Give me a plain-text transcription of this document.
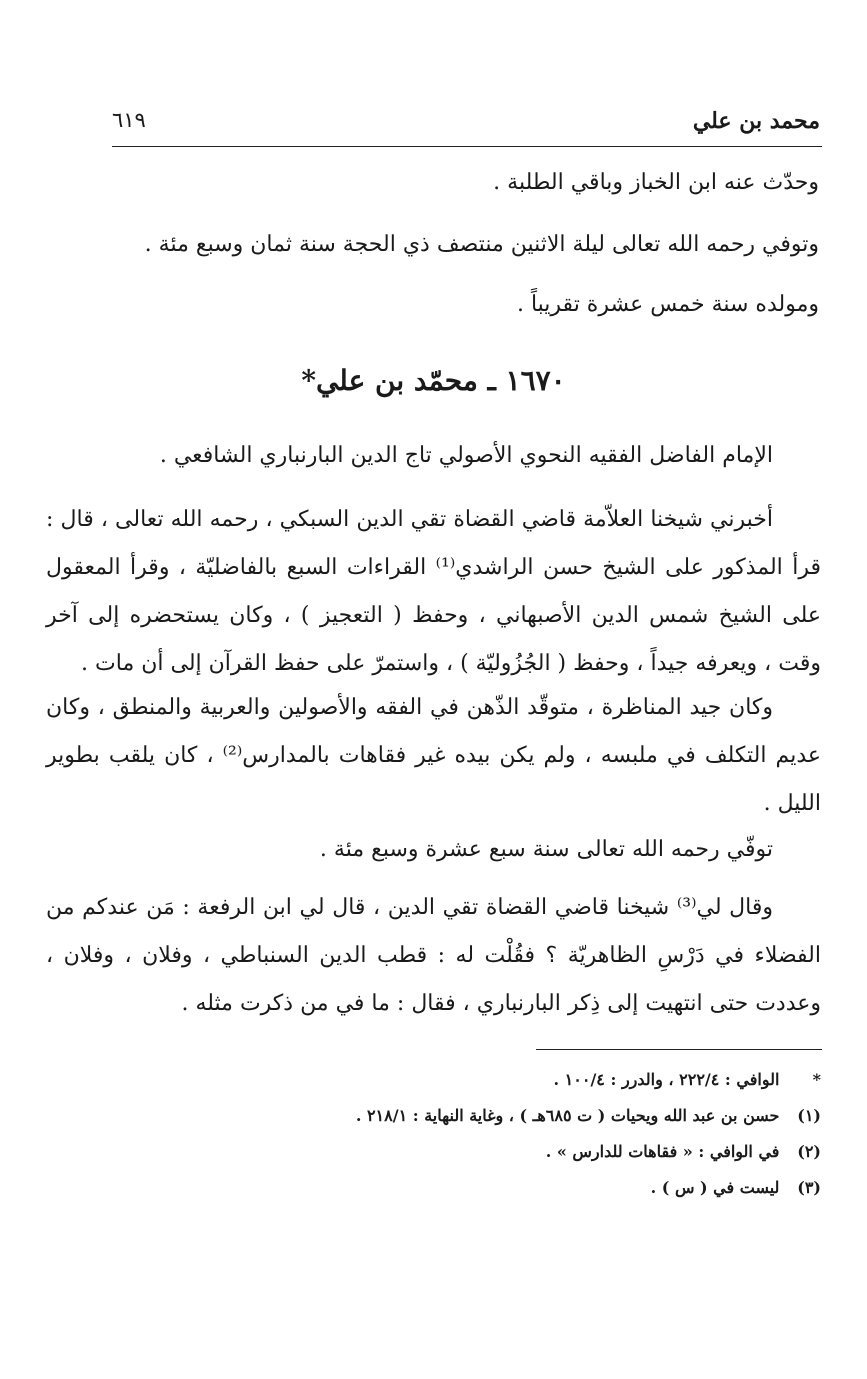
محمد بن علي
٦١٩
وحدّث عنه ابن الخباز وباقي الطلبة .
وتوفي رحمه الله تعالى ليلة الاثنين منتصف ذي الحجة سنة ثمان وسبع مئة .
ومولده سنة خمس عشرة تقريباً .
١٦٧٠ ـ محمّد بن علي*
الإمام الفاضل الفقيه النحوي الأصولي تاج الدين البارنباري الشافعي .
أخبرني شيخنا العلاّمة قاضي القضاة تقي الدين السبكي ، رحمه الله تعالى ، قال : قرأ المذكور على الشيخ حسن الراشدي⁽¹⁾ القراءات السبع بالفاضليّة ، وقرأ المعقول على الشيخ شمس الدين الأصبهاني ، وحفظ ( التعجيز ) ، وكان يستحضره إلى آخر وقت ، ويعرفه جيداً ، وحفظ ( الجُزُوليّة ) ، واستمرّ على حفظ القرآن إلى أن مات .
وكان جيد المناظرة ، متوقّد الذّهن في الفقه والأصولين والعربية والمنطق ، وكان عديم التكلف في ملبسه ، ولم يكن بيده غير فقاهات بالمدارس⁽²⁾ ، كان يلقب بطوير الليل .
توفّي رحمه الله تعالى سنة سبع عشرة وسبع مئة .
وقال لي⁽³⁾ شيخنا قاضي القضاة تقي الدين ، قال لي ابن الرفعة : مَن عندكم من الفضلاء في دَرْسِ الظاهريّة ؟ فقُلْت له : قطب الدين السنباطي ، وفلان ، وفلان ، وعددت حتى انتهيت إلى ذِكر البارنباري ، فقال : ما في من ذكرت مثله .
* الوافي : ٢٢٢/٤ ، والدرر : ١٠٠/٤ .
(١) حسن بن عبد الله ويحيات ( ت ٦٨٥هـ ) ، وغاية النهاية : ٢١٨/١ .
(٢) في الوافي : « فقاهات للدارس » .
(٣) ليست في ( س ) .
